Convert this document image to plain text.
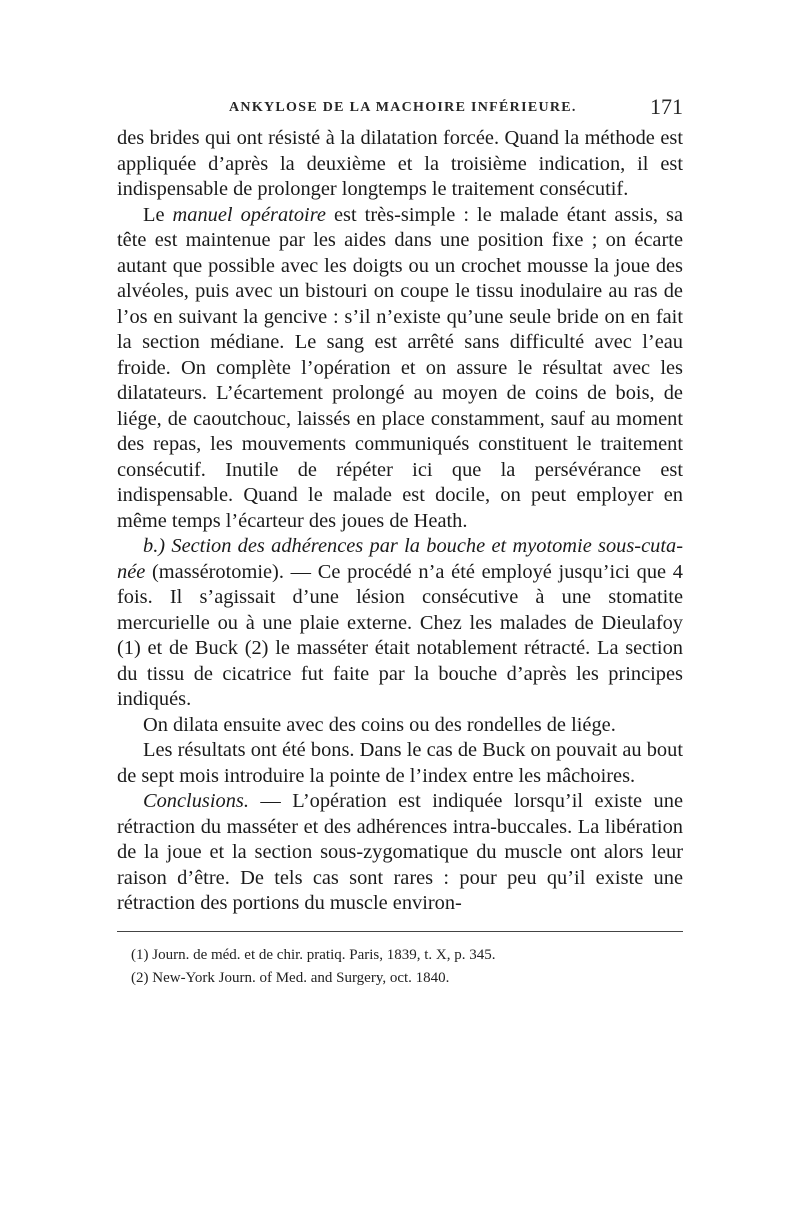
ANKYLOSE DE LA MACHOIRE INFÉRIEURE.	171

des brides qui ont résisté à la dilatation forcée. Quand la méthode est appliquée d’après la deuxième et la troisième indication, il est indispensable de prolonger longtemps le traitement consécutif.

Le manuel opératoire est très-simple : le malade étant assis, sa tête est maintenue par les aides dans une position fixe ; on écarte autant que possible avec les doigts ou un crochet mousse la joue des alvéoles, puis avec un bistouri on coupe le tissu inodulaire au ras de l’os en suivant la gencive : s’il n’existe qu’une seule bride on en fait la section médiane. Le sang est arrêté sans difficulté avec l’eau froide. On complète l’opération et on assure le résultat avec les dilatateurs. L’écartement prolongé au moyen de coins de bois, de liége, de caoutchouc, laissés en place constamment, sauf au moment des repas, les mouvements communiqués constituent le traitement consécutif. Inutile de répéter ici que la persévérance est indispensable. Quand le malade est docile, on peut employer en même temps l’écarteur des joues de Heath.

b.) Section des adhérences par la bouche et myotomie sous-cutanée (massérotomie). — Ce procédé n’a été employé jusqu’ici que 4 fois. Il s’agissait d’une lésion consécutive à une stomatite mercurielle ou à une plaie externe. Chez les malades de Dieulafoy (1) et de Buck (2) le masséter était notablement rétracté. La section du tissu de cicatrice fut faite par la bouche d’après les principes indiqués.

On dilata ensuite avec des coins ou des rondelles de liége.

Les résultats ont été bons. Dans le cas de Buck on pouvait au bout de sept mois introduire la pointe de l’index entre les mâchoires.

Conclusions. — L’opération est indiquée lorsqu’il existe une rétraction du masséter et des adhérences intra-buccales. La libération de la joue et la section sous-zygomatique du muscle ont alors leur raison d’être. De tels cas sont rares : pour peu qu’il existe une rétraction des portions du muscle environ-

(1) Journ. de méd. et de chir. pratiq. Paris, 1839, t. X, p. 345.
(2) New-York Journ. of Med. and Surgery, oct. 1840.
